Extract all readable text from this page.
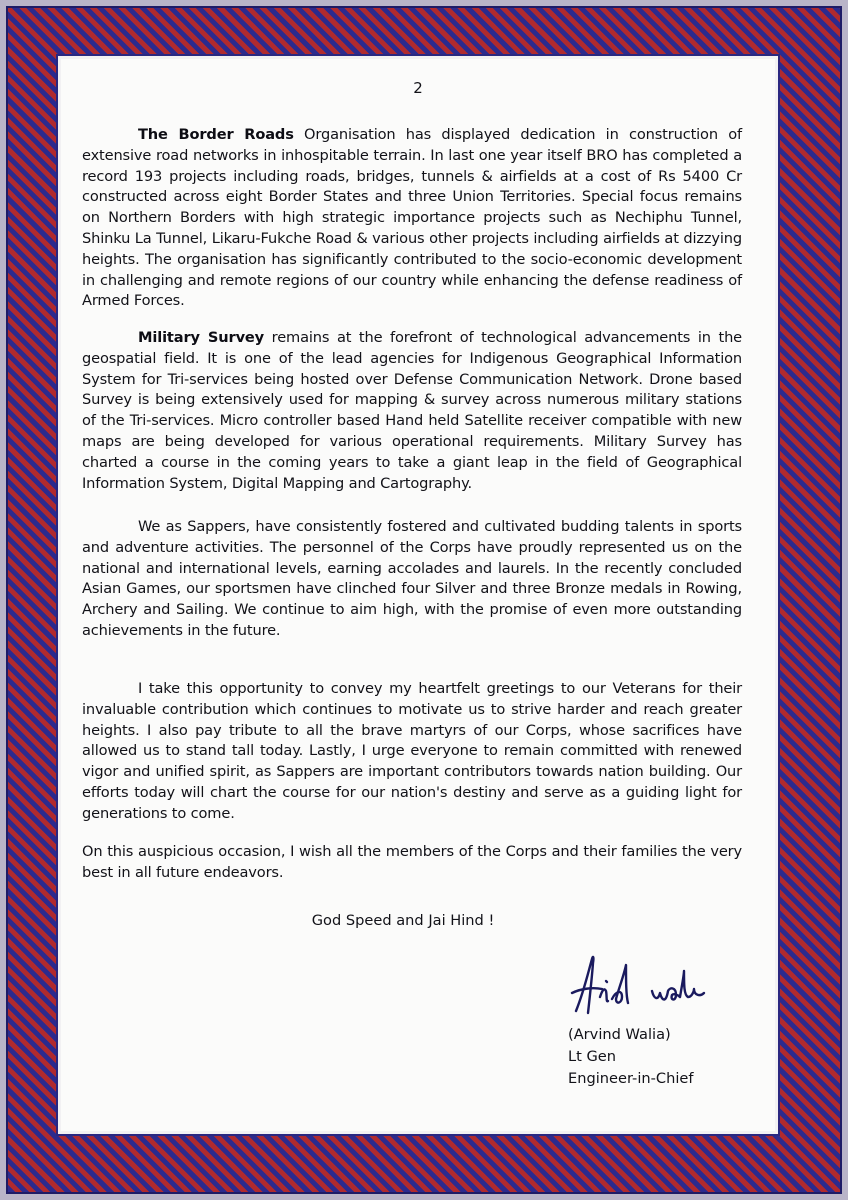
2

The Border Roads Organisation has displayed dedication in construction of extensive road networks in inhospitable terrain. In last one year itself BRO has completed a record 193 projects including roads, bridges, tunnels & airfields at a cost of Rs 5400 Cr constructed across eight Border States and three Union Territories. Special focus remains on Northern Borders with high strategic importance projects such as Nechiphu Tunnel, Shinku La Tunnel, Likaru-Fukche Road & various other projects including airfields at dizzying heights. The organisation has significantly contributed to the socio-economic development in challenging and remote regions of our country while enhancing the defense readiness of Armed Forces.

Military Survey remains at the forefront of technological advancements in the geospatial field. It is one of the lead agencies for Indigenous Geographical Information System for Tri-services being hosted over Defense Communication Network. Drone based Survey is being extensively used for mapping & survey across numerous military stations of the Tri-services. Micro controller based Hand held Satellite receiver compatible with new maps are being developed for various operational requirements. Military Survey has charted a course in the coming years to take a giant leap in the field of Geographical Information System, Digital Mapping and Cartography.

We as Sappers, have consistently fostered and cultivated budding talents in sports and adventure activities. The personnel of the Corps have proudly represented us on the national and international levels, earning accolades and laurels. In the recently concluded Asian Games, our sportsmen have clinched four Silver and three Bronze medals in Rowing, Archery and Sailing. We continue to aim high, with the promise of even more outstanding achievements in the future.

I take this opportunity to convey my heartfelt greetings to our Veterans for their invaluable contribution which continues to motivate us to strive harder and reach greater heights. I also pay tribute to all the brave martyrs of our Corps, whose sacrifices have allowed us to stand tall today. Lastly, I urge everyone to remain committed with renewed vigor and unified spirit, as Sappers are important contributors towards nation building. Our efforts today will chart the course for our nation's destiny and serve as a guiding light for generations to come.

On this auspicious occasion, I wish all the members of the Corps and their families the very best in all future endeavors.

God Speed and Jai Hind !
(Arvind Walia)
Lt Gen
Engineer-in-Chief
